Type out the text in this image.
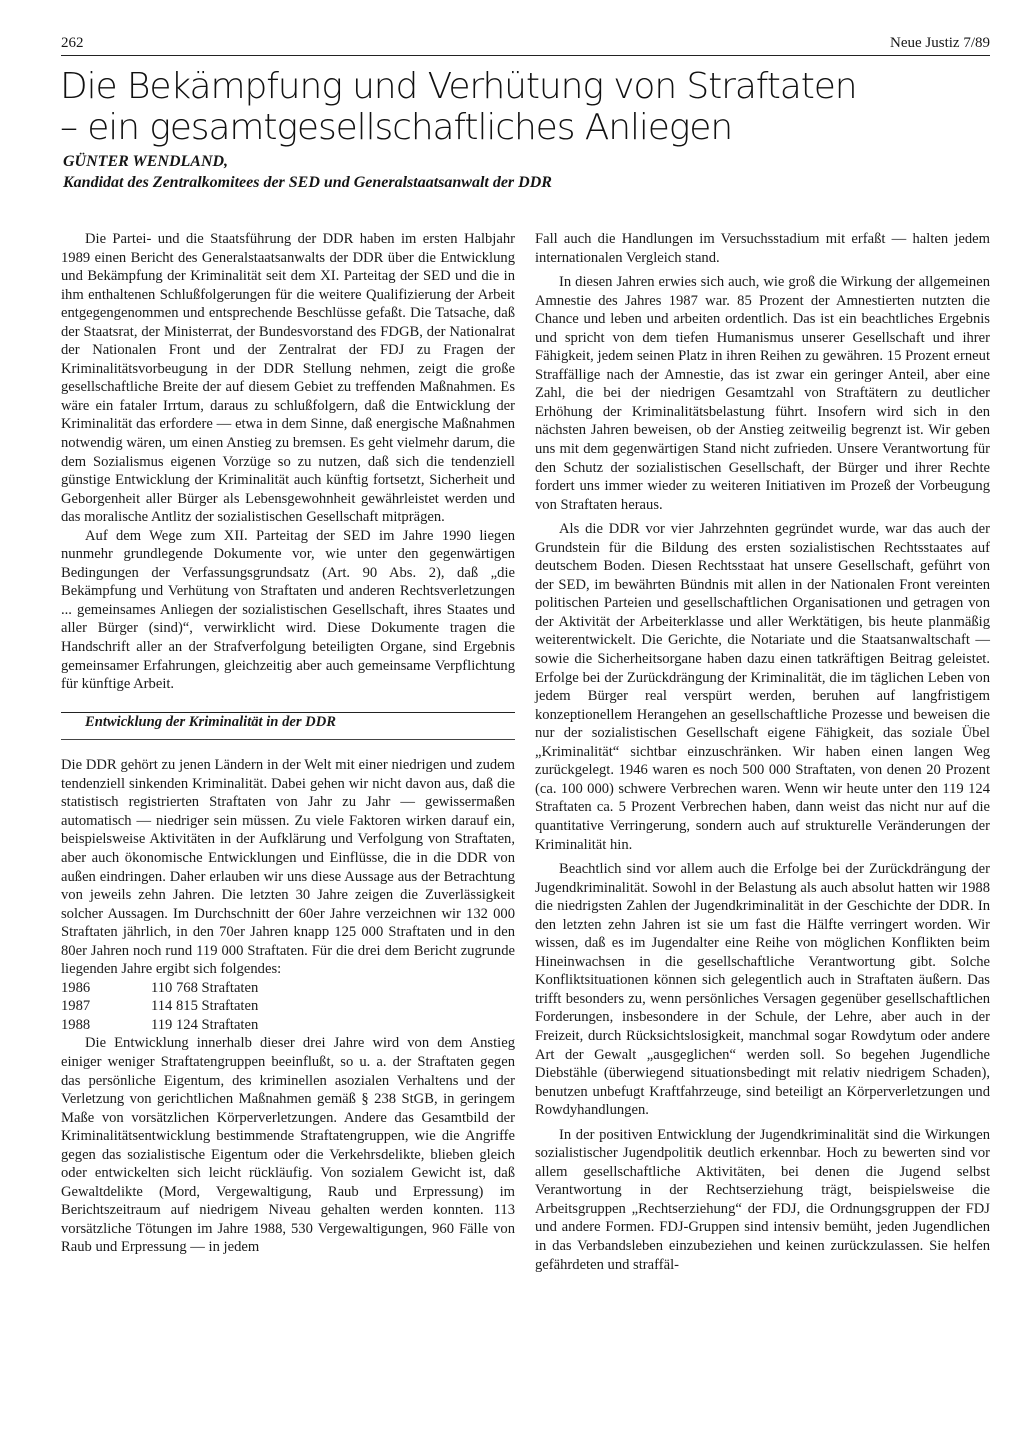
262	Neue Justiz 7/89
Die Bekämpfung und Verhütung von Straftaten
– ein gesamtgesellschaftliches Anliegen
GÜNTER WENDLAND,
Kandidat des Zentralkomitees der SED und Generalstaatsanwalt der DDR

Die Partei- und die Staatsführung der DDR haben im ersten Halbjahr 1989 einen Bericht des Generalstaatsanwalts der DDR über die Entwicklung und Bekämpfung der Kriminalität seit dem XI. Parteitag der SED und die in ihm enthaltenen Schlußfolgerungen für die weitere Qualifizierung der Arbeit entgegengenommen und entsprechende Beschlüsse gefaßt. Die Tatsache, daß der Staatsrat, der Ministerrat, der Bundesvorstand des FDGB, der Nationalrat der Nationalen Front und der Zentralrat der FDJ zu Fragen der Kriminalitätsvorbeugung in der DDR Stellung nehmen, zeigt die große gesellschaftliche Breite der auf diesem Gebiet zu treffenden Maßnahmen. Es wäre ein fataler Irrtum, daraus zu schlußfolgern, daß die Entwicklung der Kriminalität das erfordere — etwa in dem Sinne, daß energische Maßnahmen notwendig wären, um einen Anstieg zu bremsen. Es geht vielmehr darum, die dem Sozialismus eigenen Vorzüge so zu nutzen, daß sich die tendenziell günstige Entwicklung der Kriminalität auch künftig fortsetzt, Sicherheit und Geborgenheit aller Bürger als Lebensgewohnheit gewährleistet werden und das moralische Antlitz der sozialistischen Gesellschaft mitprägen.

Auf dem Wege zum XII. Parteitag der SED im Jahre 1990 liegen nunmehr grundlegende Dokumente vor, wie unter den gegenwärtigen Bedingungen der Verfassungsgrundsatz (Art. 90 Abs. 2), daß „die Bekämpfung und Verhütung von Straftaten und anderen Rechtsverletzungen ... gemeinsames Anliegen der sozialistischen Gesellschaft, ihres Staates und aller Bürger (sind)“, verwirklicht wird. Diese Dokumente tragen die Handschrift aller an der Strafverfolgung beteiligten Organe, sind Ergebnis gemeinsamer Erfahrungen, gleichzeitig aber auch gemeinsame Verpflichtung für künftige Arbeit.

Entwicklung der Kriminalität in der DDR

Die DDR gehört zu jenen Ländern in der Welt mit einer niedrigen und zudem tendenziell sinkenden Kriminalität. Dabei gehen wir nicht davon aus, daß die statistisch registrierten Straftaten von Jahr zu Jahr — gewissermaßen automatisch — niedriger sein müssen. Zu viele Faktoren wirken darauf ein, beispielsweise Aktivitäten in der Aufklärung und Verfolgung von Straftaten, aber auch ökonomische Entwicklungen und Einflüsse, die in die DDR von außen eindringen. Daher erlauben wir uns diese Aussage aus der Betrachtung von jeweils zehn Jahren. Die letzten 30 Jahre zeigen die Zuverlässigkeit solcher Aussagen. Im Durchschnitt der 60er Jahre verzeichnen wir 132 000 Straftaten jährlich, in den 70er Jahren knapp 125 000 Straftaten und in den 80er Jahren noch rund 119 000 Straftaten. Für die drei dem Bericht zugrunde liegenden Jahre ergibt sich folgendes:

1986	110 768 Straftaten
1987	114 815 Straftaten
1988	119 124 Straftaten

Die Entwicklung innerhalb dieser drei Jahre wird von dem Anstieg einiger weniger Straftatengruppen beeinflußt, so u. a. der Straftaten gegen das persönliche Eigentum, des kriminellen asozialen Verhaltens und der Verletzung von gerichtlichen Maßnahmen gemäß § 238 StGB, in geringem Maße von vorsätzlichen Körperverletzungen. Andere das Gesamtbild der Kriminalitätsentwicklung bestimmende Straftatengruppen, wie die Angriffe gegen das sozialistische Eigentum oder die Verkehrsdelikte, blieben gleich oder entwickelten sich leicht rückläufig. Von sozialem Gewicht ist, daß Gewaltdelikte (Mord, Vergewaltigung, Raub und Erpressung) im Berichtszeitraum auf niedrigem Niveau gehalten werden konnten. 113 vorsätzliche Tötungen im Jahre 1988, 530 Vergewaltigungen, 960 Fälle von Raub und Erpressung — in jedem

Fall auch die Handlungen im Versuchsstadium mit erfaßt — halten jedem internationalen Vergleich stand.

In diesen Jahren erwies sich auch, wie groß die Wirkung der allgemeinen Amnestie des Jahres 1987 war. 85 Prozent der Amnestierten nutzten die Chance und leben und arbeiten ordentlich. Das ist ein beachtliches Ergebnis und spricht von dem tiefen Humanismus unserer Gesellschaft und ihrer Fähigkeit, jedem seinen Platz in ihren Reihen zu gewähren. 15 Prozent erneut Straffällige nach der Amnestie, das ist zwar ein geringer Anteil, aber eine Zahl, die bei der niedrigen Gesamtzahl von Straftätern zu deutlicher Erhöhung der Kriminalitätsbelastung führt. Insofern wird sich in den nächsten Jahren beweisen, ob der Anstieg zeitweilig begrenzt ist. Wir geben uns mit dem gegenwärtigen Stand nicht zufrieden. Unsere Verantwortung für den Schutz der sozialistischen Gesellschaft, der Bürger und ihrer Rechte fordert uns immer wieder zu weiteren Initiativen im Prozeß der Vorbeugung von Straftaten heraus.

Als die DDR vor vier Jahrzehnten gegründet wurde, war das auch der Grundstein für die Bildung des ersten sozialistischen Rechtsstaates auf deutschem Boden. Diesen Rechtsstaat hat unsere Gesellschaft, geführt von der SED, im bewährten Bündnis mit allen in der Nationalen Front vereinten politischen Parteien und gesellschaftlichen Organisationen und getragen von der Aktivität der Arbeiterklasse und aller Werktätigen, bis heute planmäßig weiterentwickelt. Die Gerichte, die Notariate und die Staatsanwaltschaft — sowie die Sicherheitsorgane haben dazu einen tatkräftigen Beitrag geleistet. Erfolge bei der Zurückdrängung der Kriminalität, die im täglichen Leben von jedem Bürger real verspürt werden, beruhen auf langfristigem konzeptionellem Herangehen an gesellschaftliche Prozesse und beweisen die nur der sozialistischen Gesellschaft eigene Fähigkeit, das soziale Übel „Kriminalität“ sichtbar einzuschränken. Wir haben einen langen Weg zurückgelegt. 1946 waren es noch 500 000 Straftaten, von denen 20 Prozent (ca. 100 000) schwere Verbrechen waren. Wenn wir heute unter den 119 124 Straftaten ca. 5 Prozent Verbrechen haben, dann weist das nicht nur auf die quantitative Verringerung, sondern auch auf strukturelle Veränderungen der Kriminalität hin.

Beachtlich sind vor allem auch die Erfolge bei der Zurückdrängung der Jugendkriminalität. Sowohl in der Belastung als auch absolut hatten wir 1988 die niedrigsten Zahlen der Jugendkriminalität in der Geschichte der DDR. In den letzten zehn Jahren ist sie um fast die Hälfte verringert worden. Wir wissen, daß es im Jugendalter eine Reihe von möglichen Konflikten beim Hineinwachsen in die gesellschaftliche Verantwortung gibt. Solche Konfliktsituationen können sich gelegentlich auch in Straftaten äußern. Das trifft besonders zu, wenn persönliches Versagen gegenüber gesellschaftlichen Forderungen, insbesondere in der Schule, der Lehre, aber auch in der Freizeit, durch Rücksichtslosigkeit, manchmal sogar Rowdytum oder andere Art der Gewalt „ausgeglichen“ werden soll. So begehen Jugendliche Diebstähle (überwiegend situationsbedingt mit relativ niedrigem Schaden), benutzen unbefugt Kraftfahrzeuge, sind beteiligt an Körperverletzungen und Rowdyhandlungen.

In der positiven Entwicklung der Jugendkriminalität sind die Wirkungen sozialistischer Jugendpolitik deutlich erkennbar. Hoch zu bewerten sind vor allem gesellschaftliche Aktivitäten, bei denen die Jugend selbst Verantwortung in der Rechtserziehung trägt, beispielsweise die Arbeitsgruppen „Rechtserziehung“ der FDJ, die Ordnungsgruppen der FDJ und andere Formen. FDJ-Gruppen sind intensiv bemüht, jeden Jugendlichen in das Verbandsleben einzubeziehen und keinen zurückzulassen. Sie helfen gefährdeten und straffäl-
